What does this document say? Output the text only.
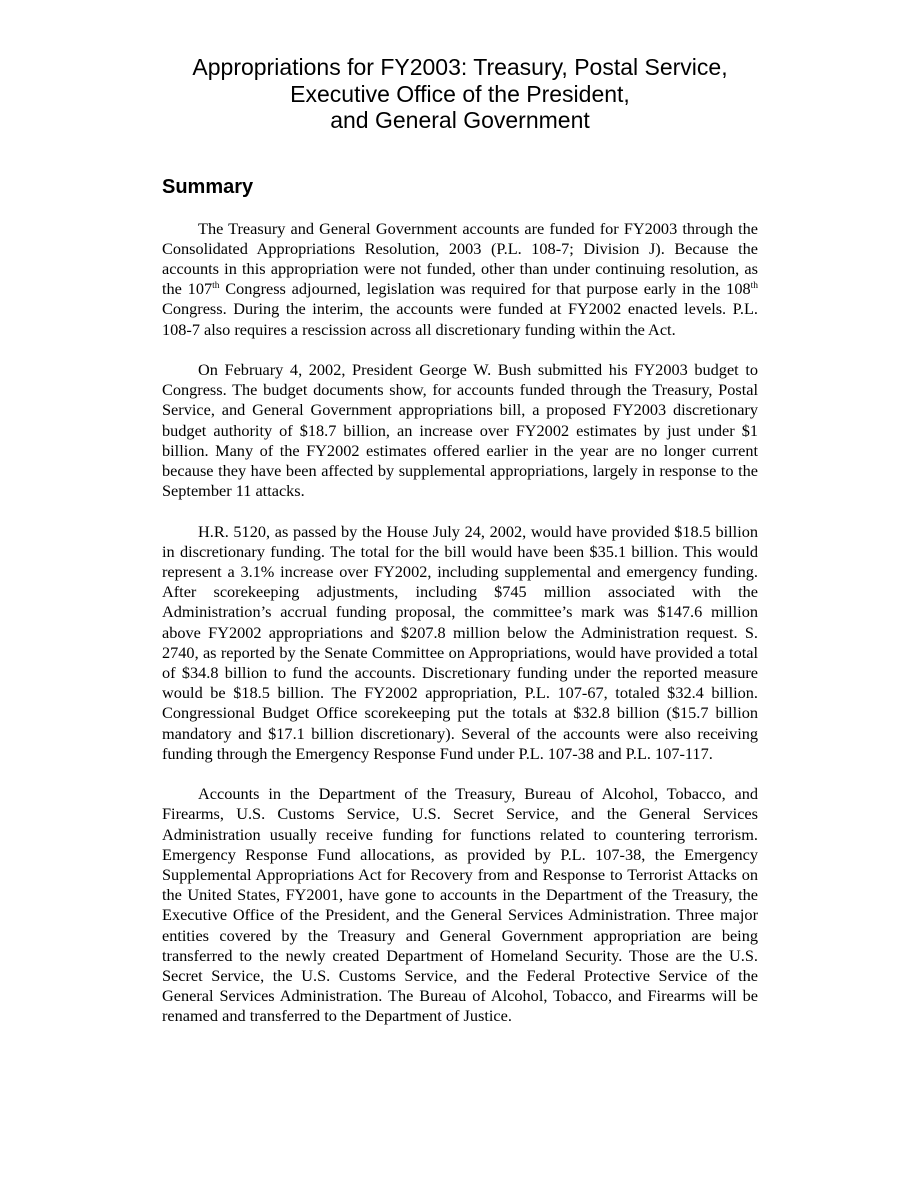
Appropriations for FY2003: Treasury, Postal Service,
Executive Office of the President,
and General Government
Summary

The Treasury and General Government accounts are funded for FY2003 through the Consolidated Appropriations Resolution, 2003 (P.L. 108-7; Division J). Because the accounts in this appropriation were not funded, other than under continuing resolution, as the 107th Congress adjourned, legislation was required for that purpose early in the 108th Congress. During the interim, the accounts were funded at FY2002 enacted levels. P.L. 108-7 also requires a rescission across all discretionary funding within the Act.

On February 4, 2002, President George W. Bush submitted his FY2003 budget to Congress. The budget documents show, for accounts funded through the Treasury, Postal Service, and General Government appropriations bill, a proposed FY2003 discretionary budget authority of $18.7 billion, an increase over FY2002 estimates by just under $1 billion. Many of the FY2002 estimates offered earlier in the year are no longer current because they have been affected by supplemental appropriations, largely in response to the September 11 attacks.

H.R. 5120, as passed by the House July 24, 2002, would have provided $18.5 billion in discretionary funding. The total for the bill would have been $35.1 billion. This would represent a 3.1% increase over FY2002, including supplemental and emergency funding. After scorekeeping adjustments, including $745 million associated with the Administration’s accrual funding proposal, the committee’s mark was $147.6 million above FY2002 appropriations and $207.8 million below the Administration request. S. 2740, as reported by the Senate Committee on Appropriations, would have provided a total of $34.8 billion to fund the accounts. Discretionary funding under the reported measure would be $18.5 billion. The FY2002 appropriation, P.L. 107-67, totaled $32.4 billion. Congressional Budget Office scorekeeping put the totals at $32.8 billion ($15.7 billion mandatory and $17.1 billion discretionary). Several of the accounts were also receiving funding through the Emergency Response Fund under P.L. 107-38 and P.L. 107-117.

Accounts in the Department of the Treasury, Bureau of Alcohol, Tobacco, and Firearms, U.S. Customs Service, U.S. Secret Service, and the General Services Administration usually receive funding for functions related to countering terrorism. Emergency Response Fund allocations, as provided by P.L. 107-38, the Emergency Supplemental Appropriations Act for Recovery from and Response to Terrorist Attacks on the United States, FY2001, have gone to accounts in the Department of the Treasury, the Executive Office of the President, and the General Services Administration. Three major entities covered by the Treasury and General Government appropriation are being transferred to the newly created Department of Homeland Security. Those are the U.S. Secret Service, the U.S. Customs Service, and the Federal Protective Service of the General Services Administration. The Bureau of Alcohol, Tobacco, and Firearms will be renamed and transferred to the Department of Justice.
